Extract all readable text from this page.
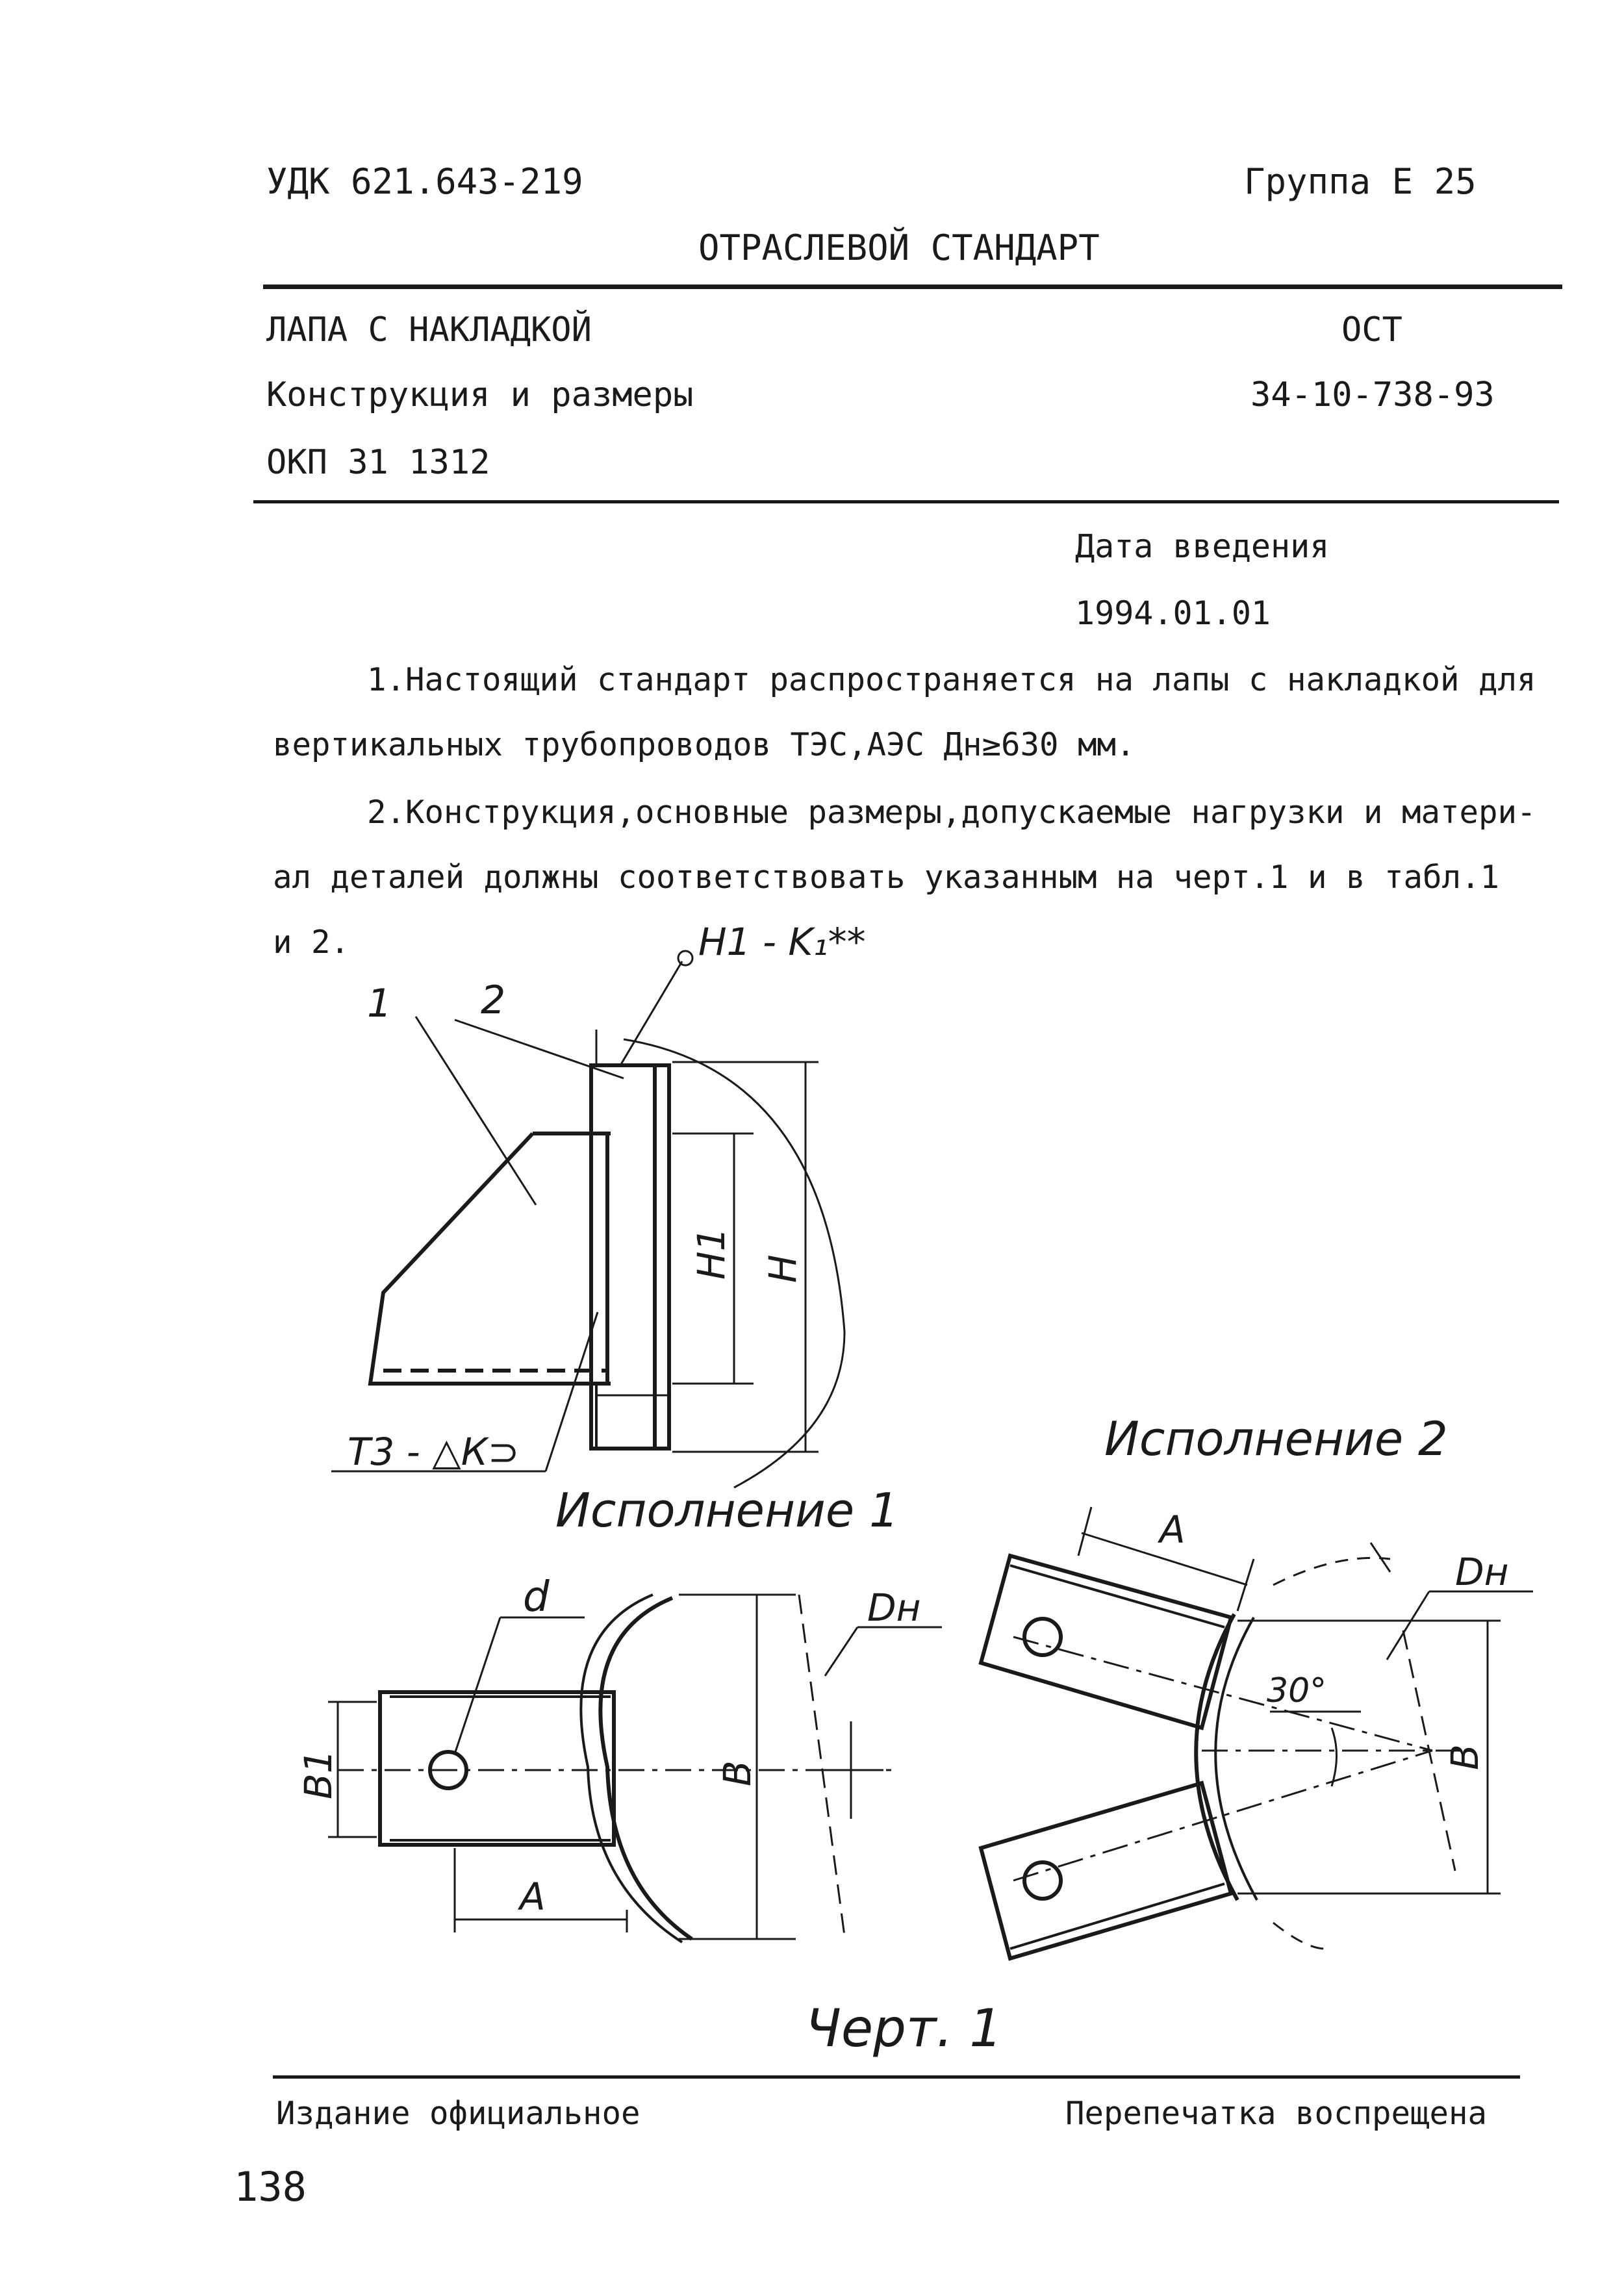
УДК 621.643-219	Группа Е 25
ОТРАСЛЕВОЙ СТАНДАРТ
ЛАПА С НАКЛАДКОЙ	ОСТ
Конструкция и размеры	34-10-738-93
ОКП 31 1312
Дата введения
1994.01.01
1.Настоящий стандарт распространяется на лапы с накладкой для
вертикальных трубопроводов ТЭС,АЭС Дн≥630 мм.
2.Конструкция,основные размеры,допускаемые нагрузки и матери-
ал деталей должны соответствовать указанным на черт.1 и в табл.1
и 2.
1 2
Н1 - K₁**
Т3 - △К⊃
Н1 Н
Исполнение 2
Исполнение 1
d	Dн
Dн
B1	B
B
A
A
30°
Черт. 1
Издание официальное	Перепечатка воспрещена
138
